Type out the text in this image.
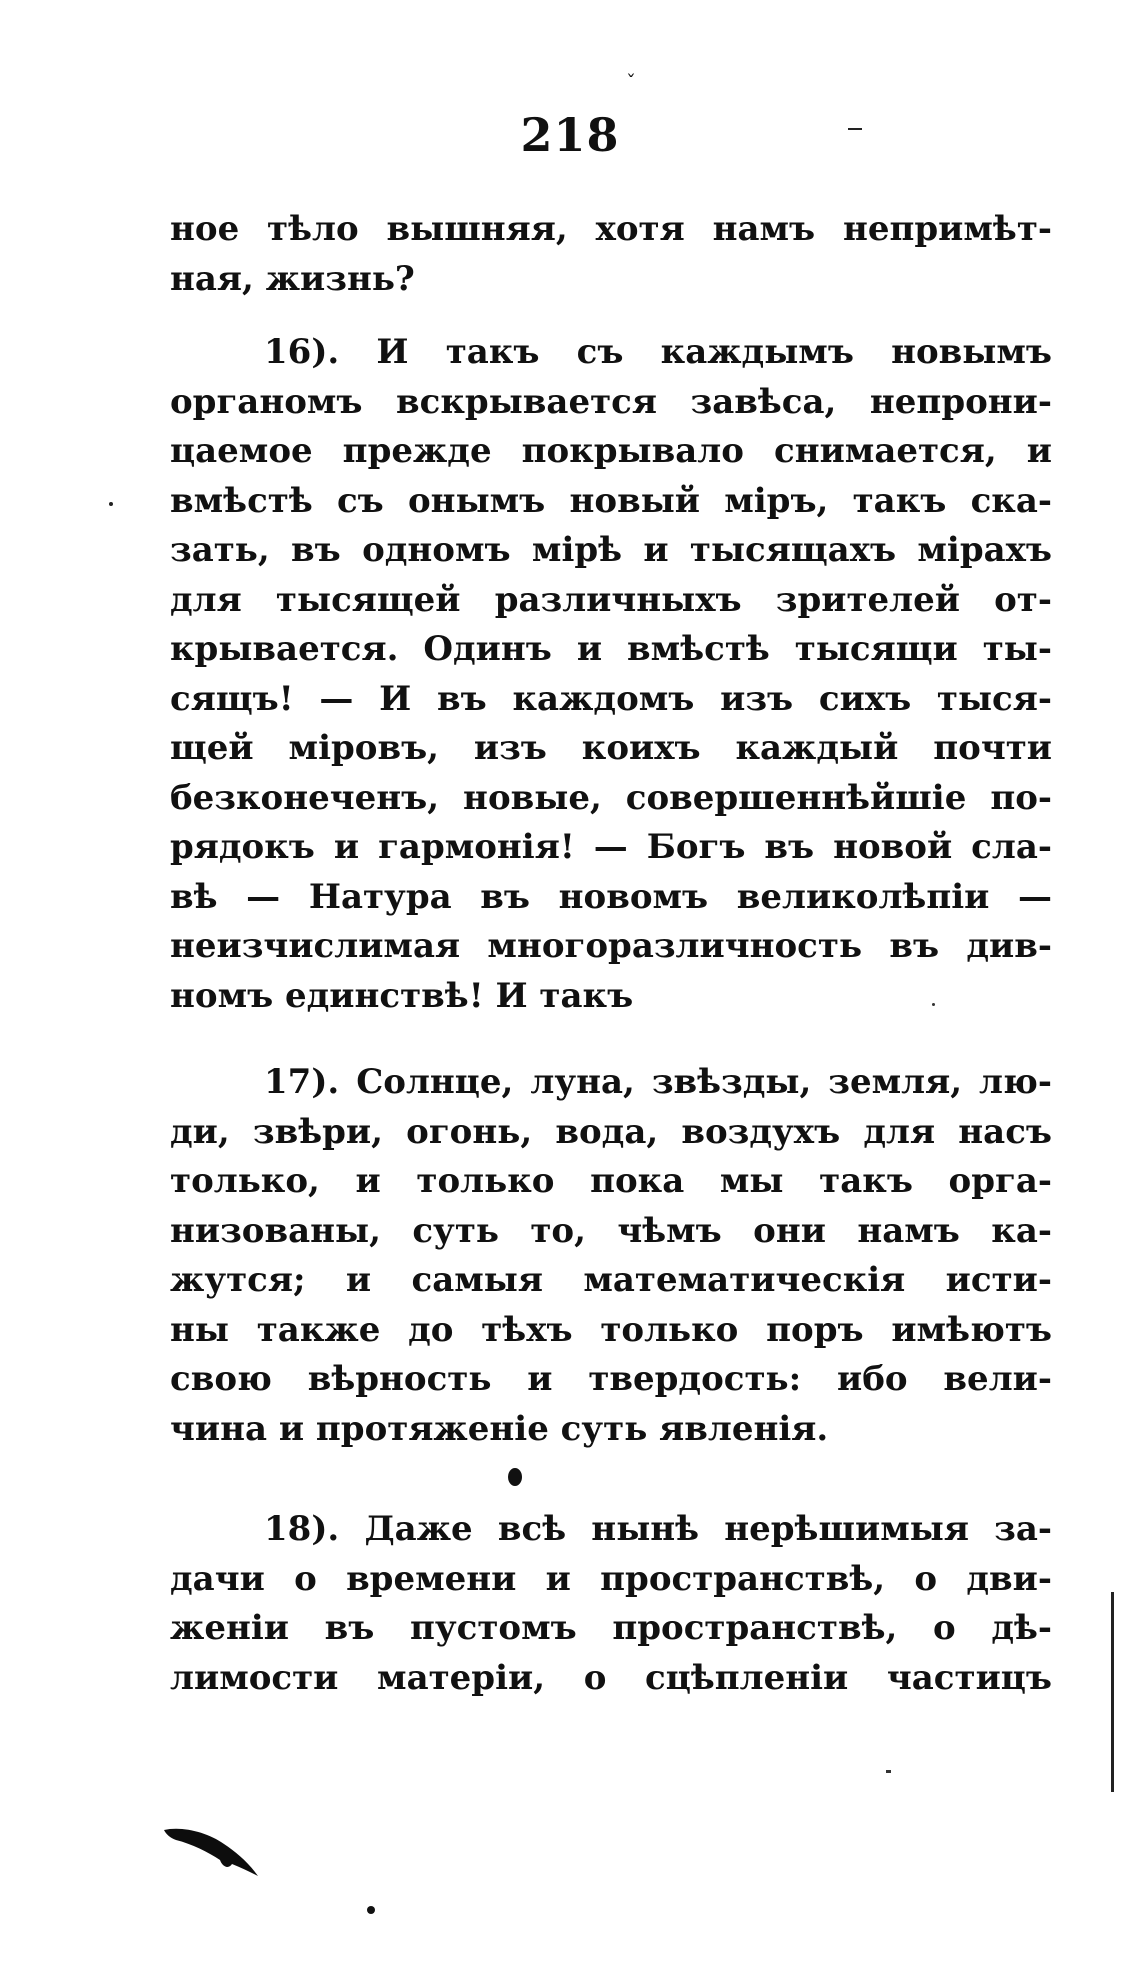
ˇ
218
ное тѣло вышняя, хотя намъ непримѣт-
ная, жизнь?
16). И такъ съ каждымъ новымъ
органомъ вскрывается завѣса, непрони-
цаемое прежде покрывало снимается, и
вмѣстѣ съ онымъ новый міръ, такъ ска-
зать, въ одномъ мірѣ и тысящахъ мірахъ
для тысящей различныхъ зрителей от-
крывается. Одинъ и вмѣстѣ тысящи ты-
сящъ! — И въ каждомъ изъ сихъ тыся-
щей міровъ, изъ коихъ каждый почти
безконеченъ, новые, совершеннѣйшіе по-
рядокъ и гармонія! — Богъ въ новой сла-
вѣ — Натура въ новомъ великолѣпіи —
неизчислимая многоразличность въ див-
номъ единствѣ! И такъ
17). Солнце, луна, звѣзды, земля, лю-
ди, звѣри, огонь, вода, воздухъ для насъ
только, и только пока мы такъ орга-
низованы, суть то, чѣмъ они намъ ка-
жутся; и самыя математическія исти-
ны также до тѣхъ только поръ имѣютъ
свою вѣрность и твердость: ибо вели-
чина и протяженіе суть явленія.
18). Даже всѣ нынѣ нерѣшимыя за-
дачи о времени и пространствѣ, о дви-
женіи въ пустомъ пространствѣ, о дѣ-
лимости матеріи, о сцѣпленіи частицъ
